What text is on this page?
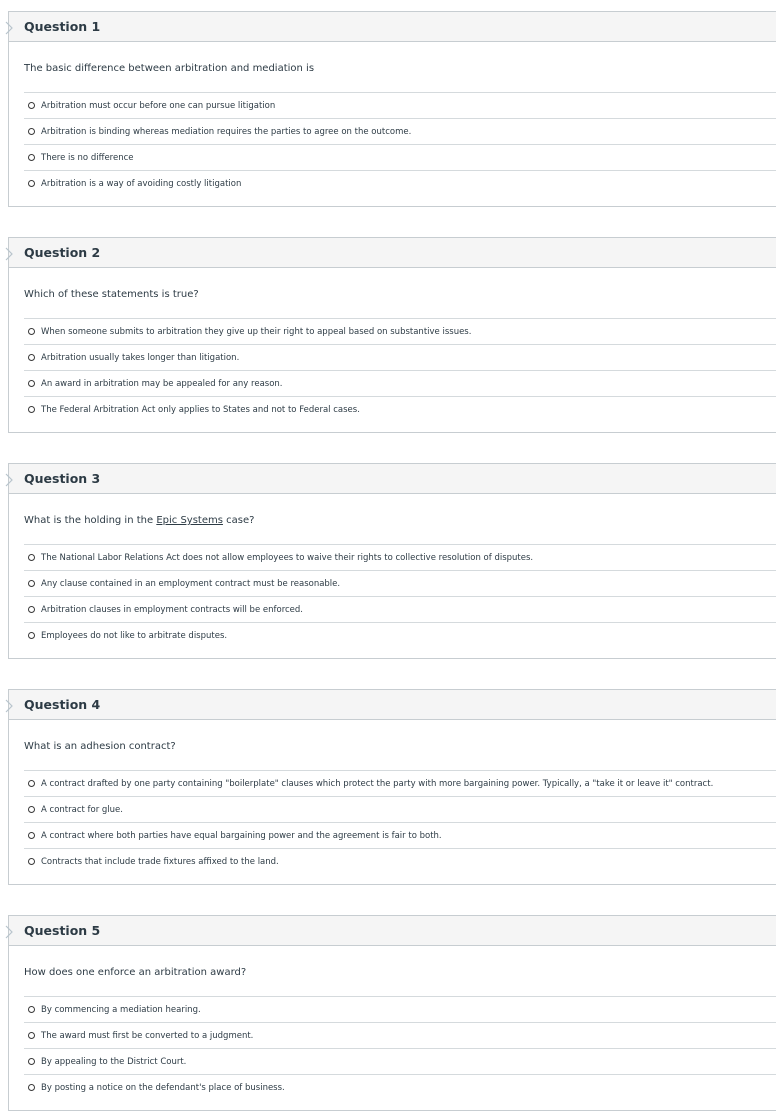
Question 1
The basic difference between arbitration and mediation is
Arbitration must occur before one can pursue litigation
Arbitration is binding whereas mediation requires the parties to agree on the outcome.
There is no difference
Arbitration is a way of avoiding costly litigation
Question 2
Which of these statements is true?
When someone submits to arbitration they give up their right to appeal based on substantive issues.
Arbitration usually takes longer than litigation.
An award in arbitration may be appealed for any reason.
The Federal Arbitration Act only applies to States and not to Federal cases.
Question 3
What is the holding in the Epic Systems case?
The National Labor Relations Act does not allow employees to waive their rights to collective resolution of disputes.
Any clause contained in an employment contract must be reasonable.
Arbitration clauses in employment contracts will be enforced.
Employees do not like to arbitrate disputes.
Question 4
What is an adhesion contract?
A contract drafted by one party containing "boilerplate" clauses which protect the party with more bargaining power. Typically, a "take it or leave it" contract.
A contract for glue.
A contract where both parties have equal bargaining power and the agreement is fair to both.
Contracts that include trade fixtures affixed to the land.
Question 5
How does one enforce an arbitration award?
By commencing a mediation hearing.
The award must first be converted to a judgment.
By appealing to the District Court.
By posting a notice on the defendant's place of business.
